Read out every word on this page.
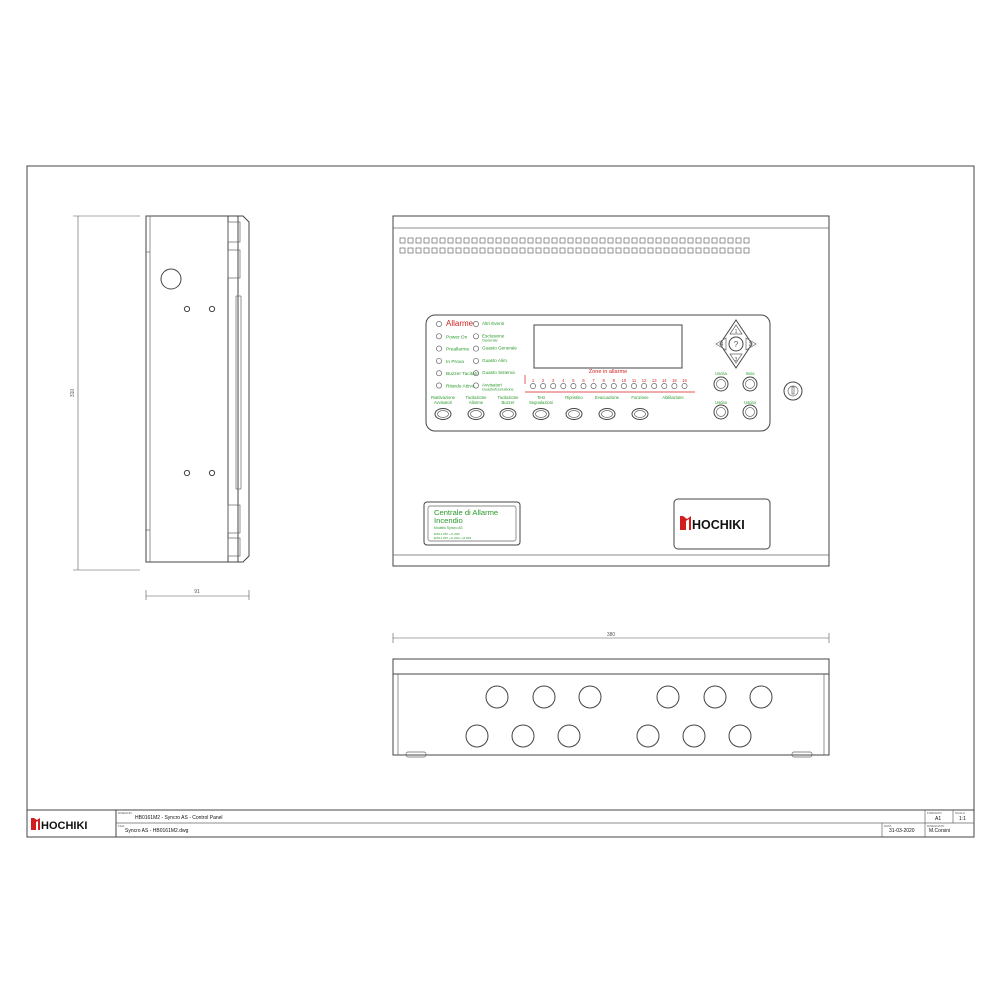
310
91
Allarme
Power On
Preallarme
In Prova
Buzzer Tacitato
Ritardo Attivo
Altri Eventi
Esclusione
Generale
Guasto Generale
Guasto Alim.
Guasto Sistema
Avvisatori
Guasto/Esclusione
Zone in allarme
1 2 3 4 5 6 7 8 9 10 11 12 13 14 15 16
Riattivazione
Avvisatori
Tacitazione
Allarme
Tacitazione
Buzzer
Test
Segnalazioni
Ripristino	Evacuazione	Funzione	Abilitazione
?
1
3
4	2
Uscita	Invio
Uscita	Uscita
Centrale di Allarme
Incendio
Modello Syncro AS
EN54-2 1997 + A1 2006
EN54-4 1997 + A1 2002 + A2 2006
HOCHIKI
380
HOCHIKI
DISEGNO
HB0161M2 - Syncro AS - Control Panel
FILE
Syncro AS - HB0161M2.dwg
FORMATO
A1
SCALA
1:1
DATA
31-03-2020
DISEGNATO
M.Corsini
